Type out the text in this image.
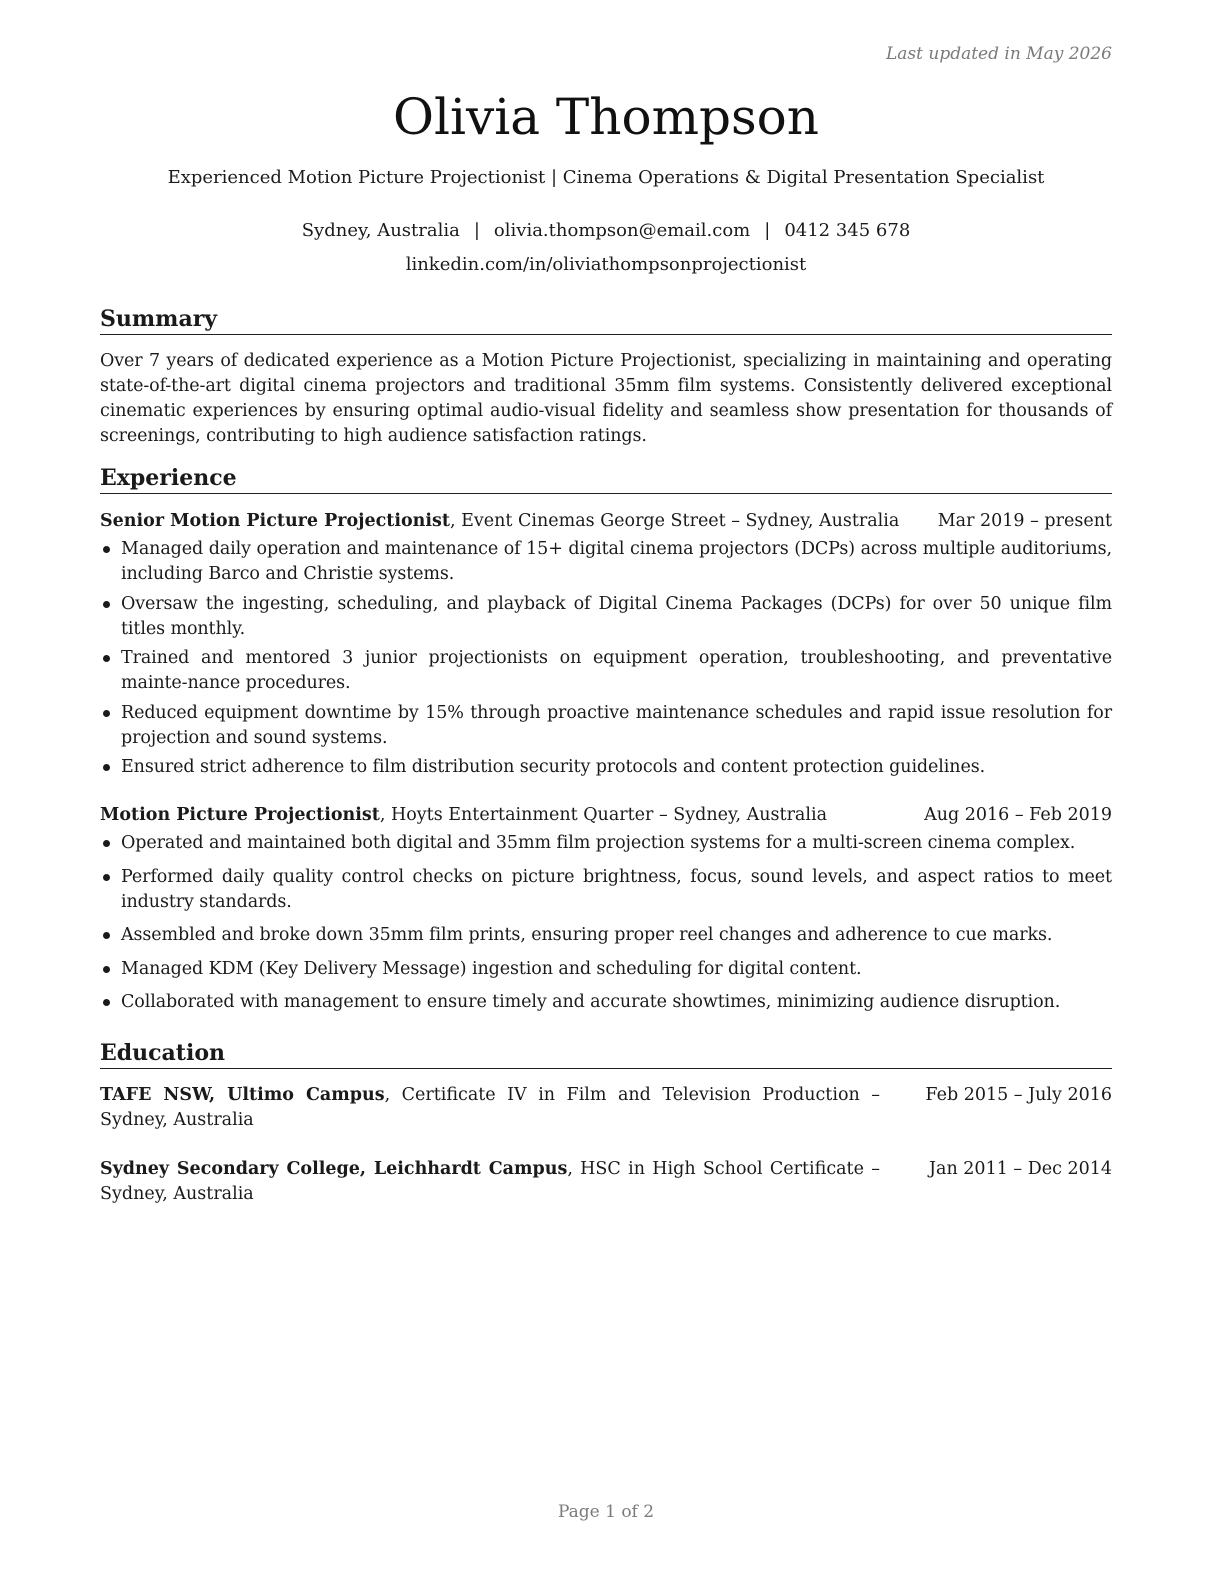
Last updated in May 2026
Olivia Thompson
Experienced Motion Picture Projectionist | Cinema Operations & Digital Presentation Specialist
Sydney, Australia | olivia.thompson@email.com | 0412 345 678
linkedin.com/in/oliviathompsonprojectionist
Summary
Over 7 years of dedicated experience as a Motion Picture Projectionist, specializing in maintaining and operating state-of-the-art digital cinema projectors and traditional 35mm film systems. Consistently delivered exceptional cinematic experiences by ensuring optimal audio-visual fidelity and seamless show presentation for thousands of screenings, contributing to high audience satisfaction ratings.
Experience
Senior Motion Picture Projectionist, Event Cinemas George Street – Sydney, Australia Mar 2019 – present
Managed daily operation and maintenance of 15+ digital cinema projectors (DCPs) across multiple auditoriums, including Barco and Christie systems.
Oversaw the ingesting, scheduling, and playback of Digital Cinema Packages (DCPs) for over 50 unique film titles monthly.
Trained and mentored 3 junior projectionists on equipment operation, troubleshooting, and preventative mainte-nance procedures.
Reduced equipment downtime by 15% through proactive maintenance schedules and rapid issue resolution for projection and sound systems.
Ensured strict adherence to film distribution security protocols and content protection guidelines.
Motion Picture Projectionist, Hoyts Entertainment Quarter – Sydney, Australia	Aug 2016 – Feb 2019
Operated and maintained both digital and 35mm film projection systems for a multi-screen cinema complex.
Performed daily quality control checks on picture brightness, focus, sound levels, and aspect ratios to meet industry standards.
Assembled and broke down 35mm film prints, ensuring proper reel changes and adherence to cue marks.
Managed KDM (Key Delivery Message) ingestion and scheduling for digital content.
Collaborated with management to ensure timely and accurate showtimes, minimizing audience disruption.
Education
TAFE NSW, Ultimo Campus, Certificate IV in Film and Television Production – Sydney, Australia
Feb 2015 – July 2016
Sydney Secondary College, Leichhardt Campus, HSC in High School Certificate – Sydney, Australia
Jan 2011 – Dec 2014
Page 1 of 2
